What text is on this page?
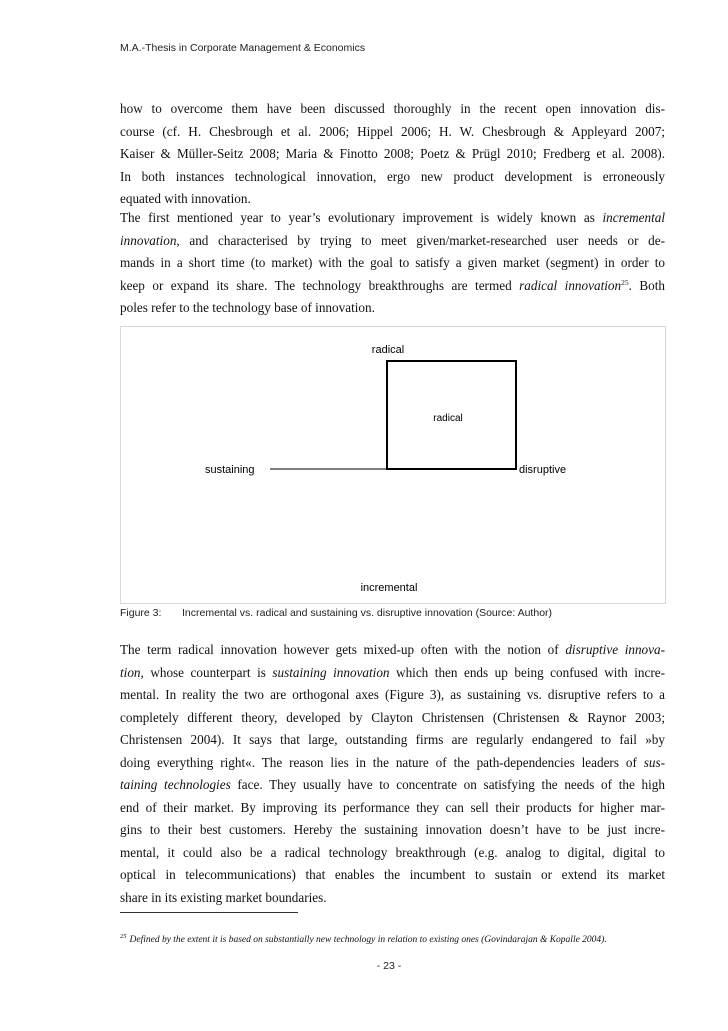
M.A.-Thesis in Corporate Management & Economics
how to overcome them have been discussed thoroughly in the recent open innovation dis-
course (cf. H. Chesbrough et al. 2006; Hippel 2006; H. W. Chesbrough & Appleyard 2007;
Kaiser & Müller-Seitz 2008; Maria & Finotto 2008; Poetz & Prügl 2010; Fredberg et al. 2008).
In both instances technological innovation, ergo new product development is erroneously
equated with innovation.
The first mentioned year to year’s evolutionary improvement is widely known as incremental
innovation, and characterised by trying to meet given/market-researched user needs or de-
mands in a short time (to market) with the goal to satisfy a given market (segment) in order to
keep or expand its share. The technology breakthroughs are termed radical innovation$^{25}$. Both
poles refer to the technology base of innovation.
radical
radical
sustaining	disruptive
incremental
Figure 3: Incremental vs. radical and sustaining vs. disruptive innovation (Source: Author)
The term radical innovation however gets mixed-up often with the notion of disruptive innova-
tion, whose counterpart is sustaining innovation which then ends up being confused with incre-
mental. In reality the two are orthogonal axes (Figure 3), as sustaining vs. disruptive refers to a
completely different theory, developed by Clayton Christensen (Christensen & Raynor 2003;
Christensen 2004). It says that large, outstanding firms are regularly endangered to fail »by
doing everything right«. The reason lies in the nature of the path-dependencies leaders of sus-
taining technologies face. They usually have to concentrate on satisfying the needs of the high
end of their market. By improving its performance they can sell their products for higher mar-
gins to their best customers. Hereby the sustaining innovation doesn’t have to be just incre-
mental, it could also be a radical technology breakthrough (e.g. analog to digital, digital to
optical in telecommunications) that enables the incumbent to sustain or extend its market
share in its existing market boundaries.
$^{25}$ Defined by the extent it is based on substantially new technology in relation to existing ones (Govindarajan & Kopalle 2004).
- 23 -
